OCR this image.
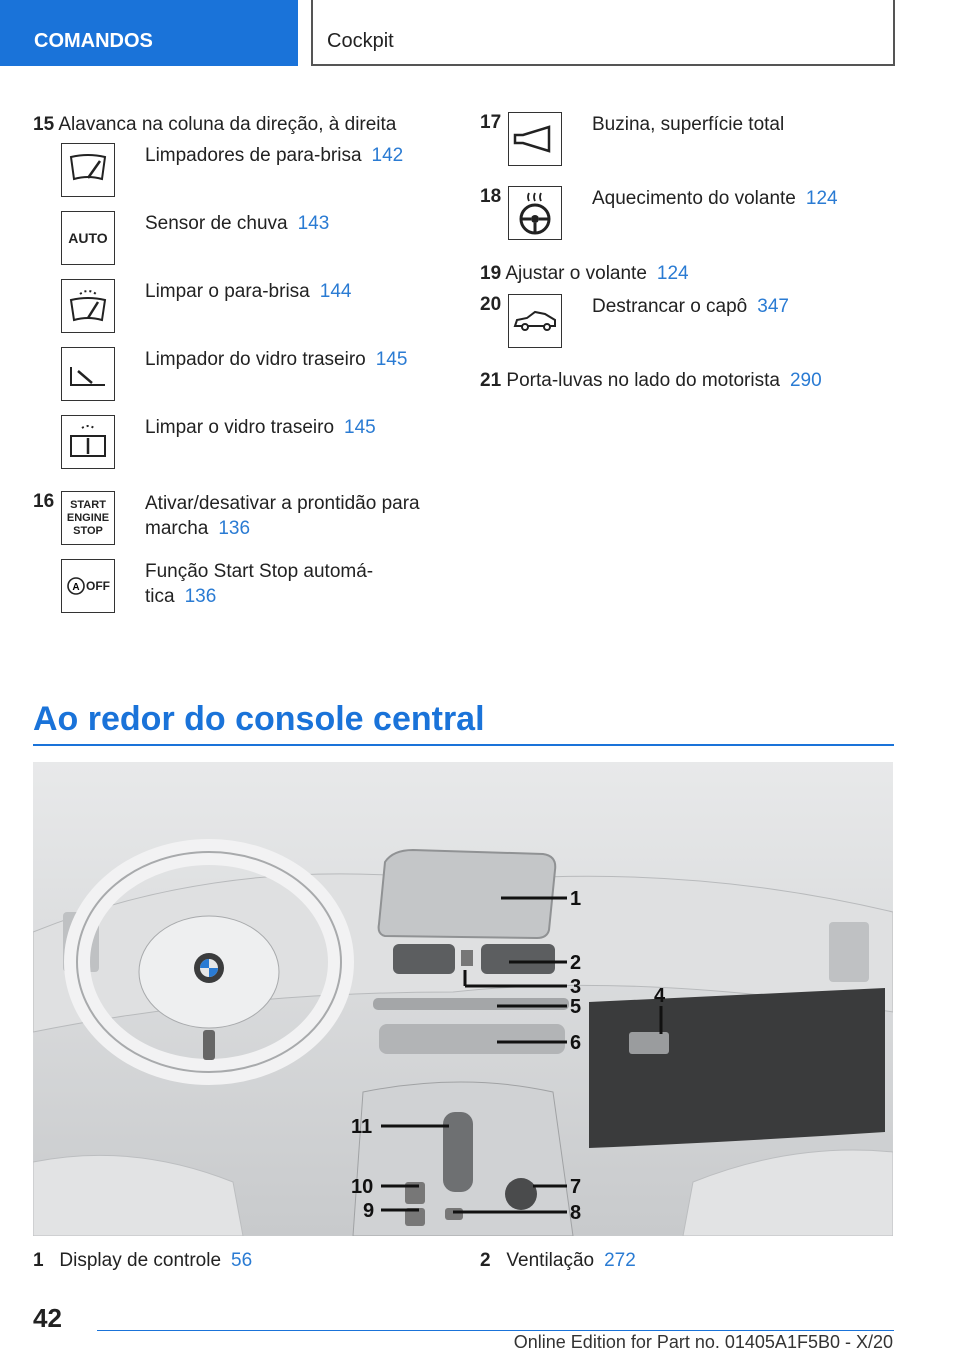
COMANDOS	Cockpit
15 Alavanca na coluna da direção, à direita
Limpadores de para-brisa 142
AUTO
Sensor de chuva 143
Limpar o para-brisa 144
Limpador do vidro traseiro 145
Limpar o vidro traseiro 145
16 START
ENGINE
STOP
Ativar/desativar a prontidão para marcha 136
A OFF
Função Start Stop automá-tica 136
17	Buzina, superfície total
18	Aquecimento do volante 124
19 Ajustar o volante 124
20	Destrancar o capô 347
21 Porta-luvas no lado do motorista 290
Ao redor do console central
1
2
3	4
5
6
7
8
9
10
11
1 Display de controle 56	2 Ventilação 272
42
Online Edition for Part no. 01405A1F5B0 - X/20
